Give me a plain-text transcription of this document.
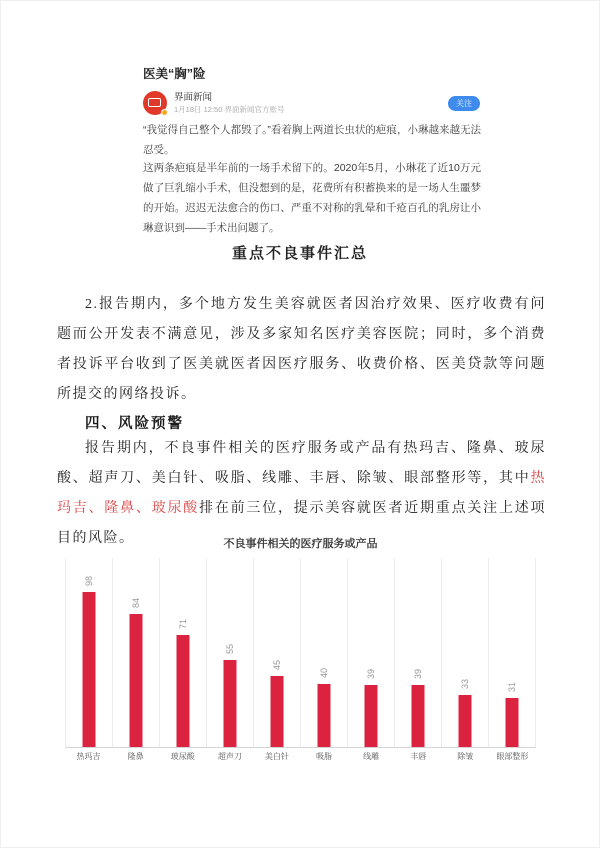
医美“胸”险
界面新闻
1月18日 12:50 界面新闻官方账号
关注

“我觉得自己整个人都毁了。”看着胸上两道长虫状的疤痕，小琳越来越无法忍受。

这两条疤痕是半年前的一场手术留下的。2020年5月，小琳花了近10万元做了巨乳缩小手术，但没想到的是，花费所有积蓄换来的是一场人生噩梦的开始。迟迟无法愈合的伤口、严重不对称的乳晕和千疮百孔的乳房让小琳意识到——手术出问题了。

重点不良事件汇总

2.报告期内，多个地方发生美容就医者因治疗效果、医疗收费有问题而公开发表不满意见，涉及多家知名医疗美容医院；同时，多个消费者投诉平台收到了医美就医者因医疗服务、收费价格、医美贷款等问题所提交的网络投诉。

四、风险预警

报告期内，不良事件相关的医疗服务或产品有热玛吉、隆鼻、玻尿酸、超声刀、美白针、吸脂、线雕、丰唇、除皱、眼部整形等，其中热玛吉、隆鼻、玻尿酸排在前三位，提示美容就医者近期重点关注上述项目的风险。	不良事件相关的医疗服务或产品
98
84
71
55
45
40	39	39
33	31
热玛吉	隆鼻	玻尿酸	超声刀	美白针	吸脂	线雕	丰唇	除皱	眼部整形
